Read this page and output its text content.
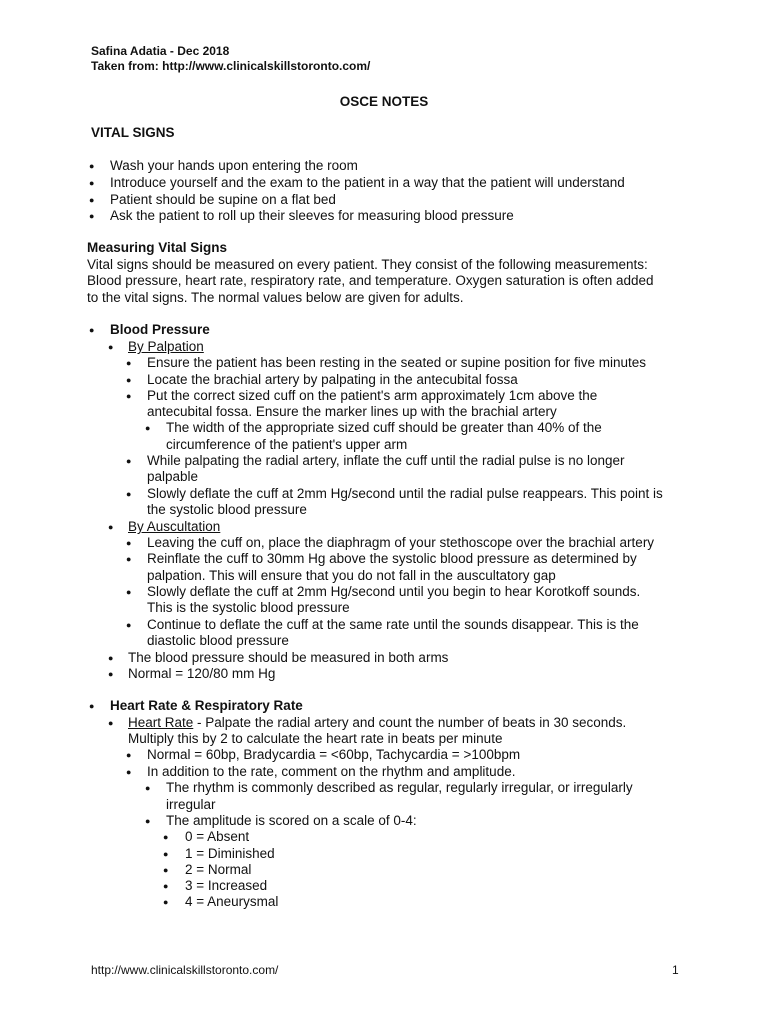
Safina Adatia - Dec 2018
Taken from: http://www.clinicalskillstoronto.com/
OSCE NOTES
VITAL SIGNS
● Wash your hands upon entering the room
● Introduce yourself and the exam to the patient in a way that the patient will understand
● Patient should be supine on a flat bed
● Ask the patient to roll up their sleeves for measuring blood pressure
Measuring Vital Signs
Vital signs should be measured on every patient. They consist of the following measurements:
Blood pressure, heart rate, respiratory rate, and temperature. Oxygen saturation is often added
to the vital signs. The normal values below are given for adults.
● Blood Pressure
● By Palpation
● Ensure the patient has been resting in the seated or supine position for five minutes
● Locate the brachial artery by palpating in the antecubital fossa
● Put the correct sized cuff on the patient's arm approximately 1cm above the
antecubital fossa. Ensure the marker lines up with the brachial artery
● The width of the appropriate sized cuff should be greater than 40% of the
circumference of the patient's upper arm
● While palpating the radial artery, inflate the cuff until the radial pulse is no longer
palpable
● Slowly deflate the cuff at 2mm Hg/second until the radial pulse reappears. This point is
the systolic blood pressure
● By Auscultation
● Leaving the cuff on, place the diaphragm of your stethoscope over the brachial artery
● Reinflate the cuff to 30mm Hg above the systolic blood pressure as determined by
palpation. This will ensure that you do not fall in the auscultatory gap
● Slowly deflate the cuff at 2mm Hg/second until you begin to hear Korotkoff sounds.
This is the systolic blood pressure
● Continue to deflate the cuff at the same rate until the sounds disappear. This is the
diastolic blood pressure
● The blood pressure should be measured in both arms
● Normal = 120/80 mm Hg
● Heart Rate & Respiratory Rate
● Heart Rate - Palpate the radial artery and count the number of beats in 30 seconds.
Multiply this by 2 to calculate the heart rate in beats per minute
● Normal = 60bp, Bradycardia = <60bp, Tachycardia = >100bpm
● In addition to the rate, comment on the rhythm and amplitude.
● The rhythm is commonly described as regular, regularly irregular, or irregularly
irregular
● The amplitude is scored on a scale of 0-4:
● 0 = Absent
● 1 = Diminished
● 2 = Normal
● 3 = Increased
● 4 = Aneurysmal
http://www.clinicalskillstoronto.com/	1
